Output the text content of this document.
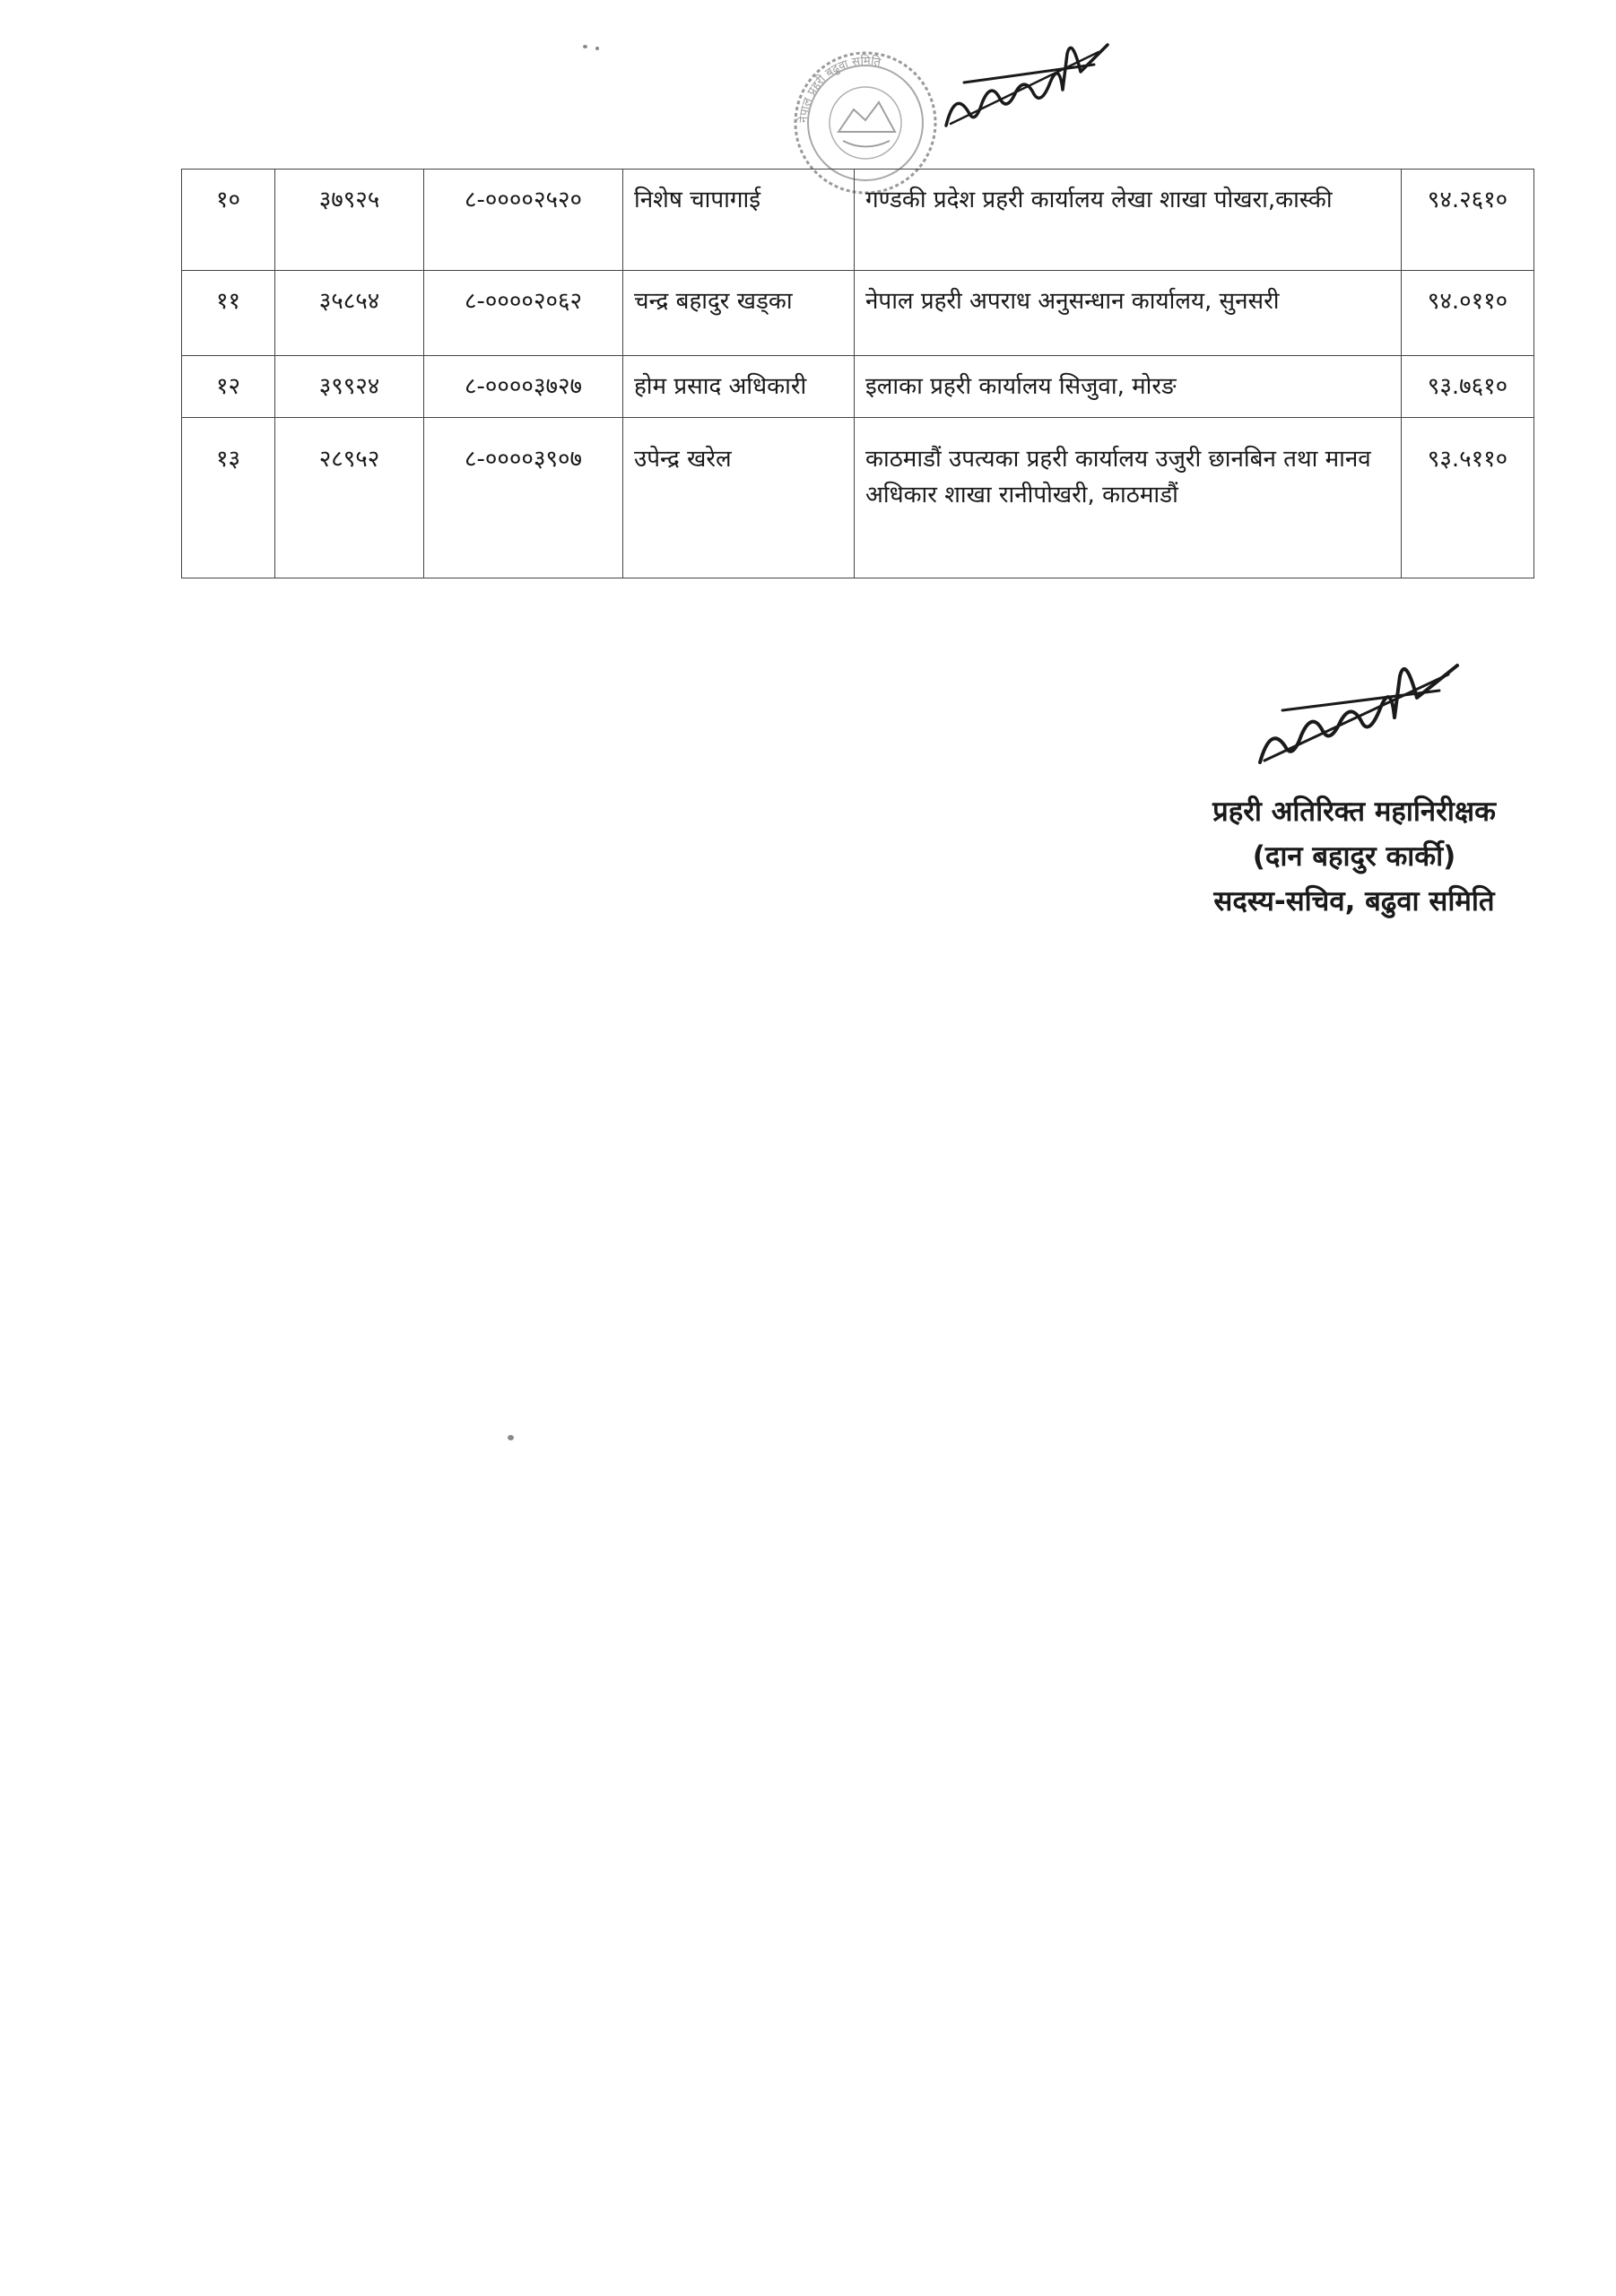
नेपाल प्रहरी बढुवा समिति
१०	३७९२५	८-००००२५२०	निशेष चापागाई	गण्डकी प्रदेश प्रहरी कार्यालय लेखा शाखा पोखरा,कास्की	९४.२६१०
११	३५८५४	८-००००२०६२	चन्द्र बहादुर खड्का	नेपाल प्रहरी अपराध अनुसन्धान कार्यालय, सुनसरी	९४.०११०
१२	३९९२४	८-००००३७२७	होम प्रसाद अधिकारी	इलाका प्रहरी कार्यालय सिजुवा, मोरङ	९३.७६१०
१३	२८९५२	८-००००३९०७	उपेन्द्र खरेल	काठमाडौं उपत्यका प्रहरी कार्यालय उजुरी छानबिन तथा मानव अधिकार शाखा रानीपोखरी, काठमाडौं	९३.५११०
प्रहरी अतिरिक्त महानिरीक्षक
(दान बहादुर कार्की)
सदस्य-सचिव, बढुवा समिति
